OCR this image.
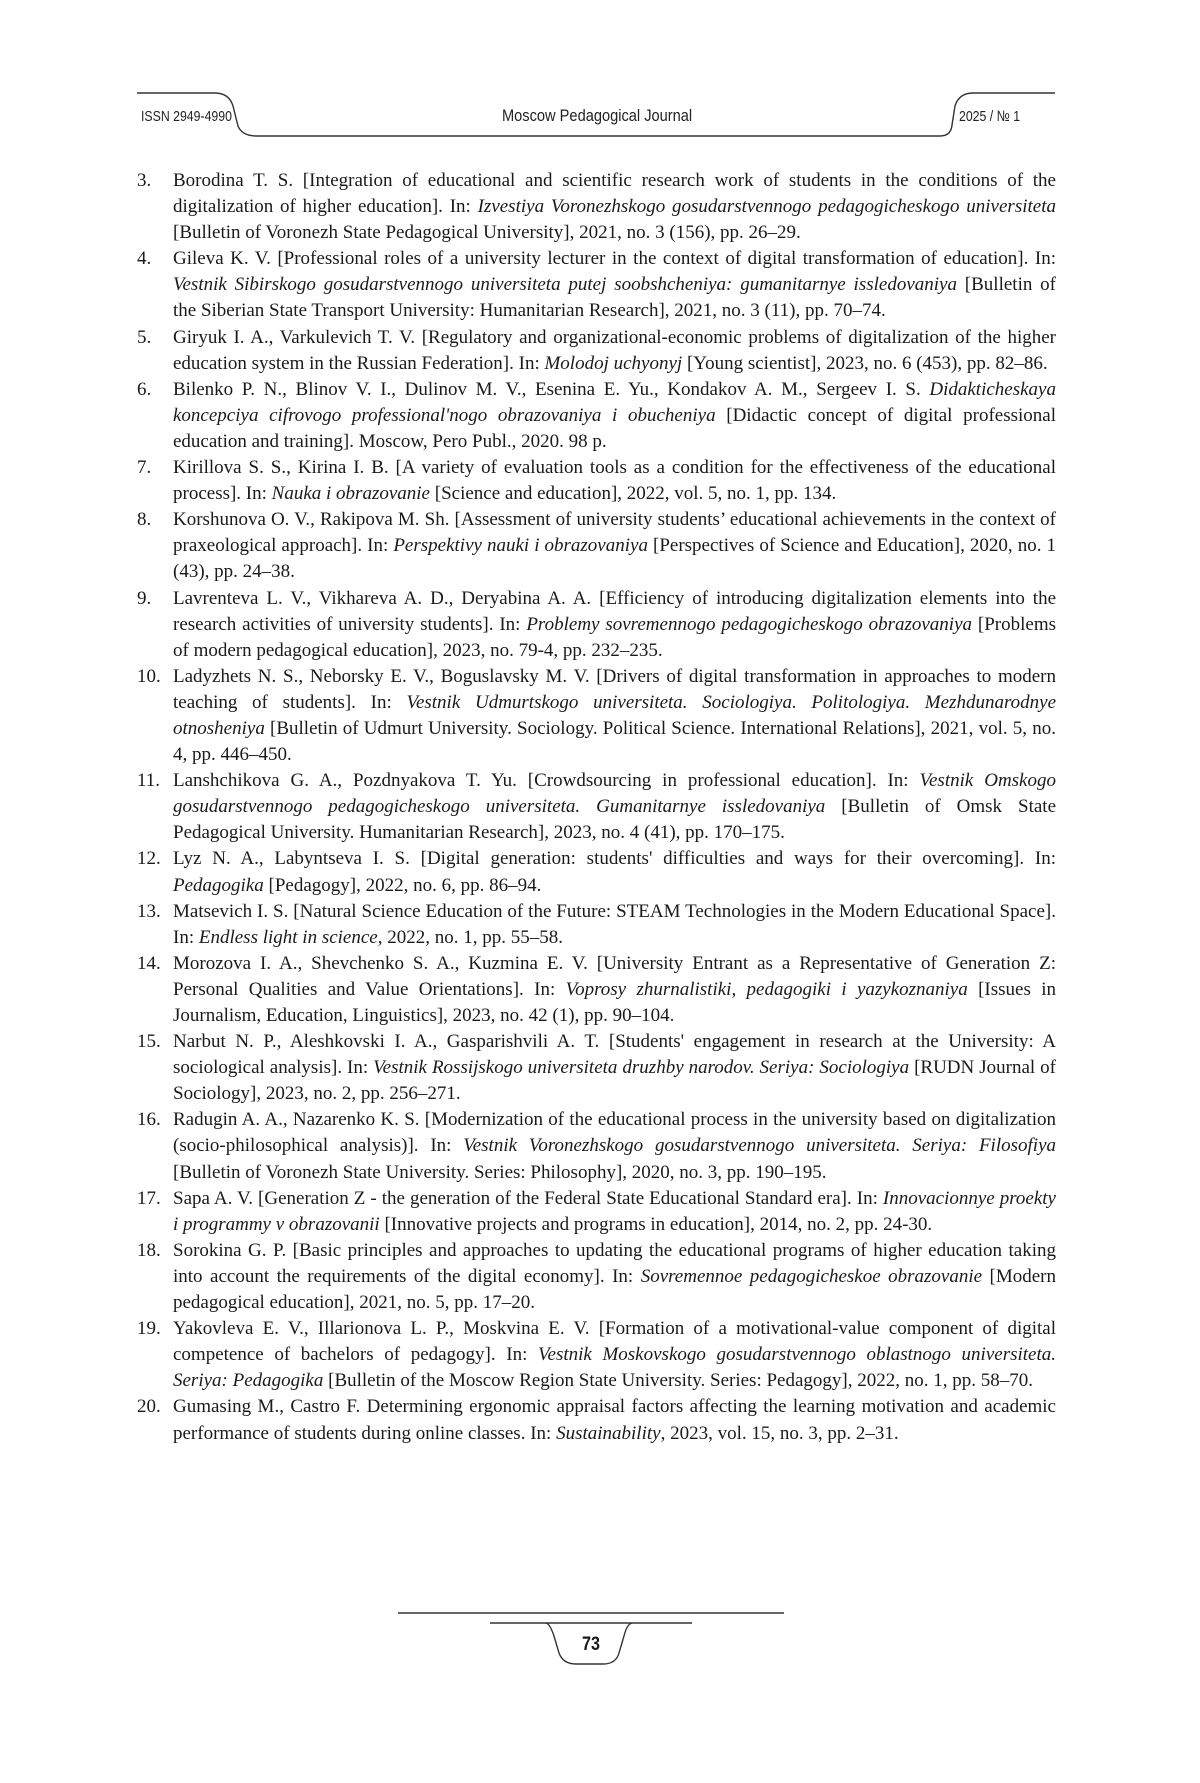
ISSN 2949-4990	Moscow Pedagogical Journal	2025 / № 1
3. Borodina T. S. [Integration of educational and scientific research work of students in the conditions of the digitalization of higher education]. In: Izvestiya Voronezhskogo gosudarstvennogo pedagogicheskogo universiteta [Bulletin of Voronezh State Pedagogical University], 2021, no. 3 (156), pp. 26–29.
4. Gileva K. V. [Professional roles of a university lecturer in the context of digital transformation of education]. In: Vestnik Sibirskogo gosudarstvennogo universiteta putej soobshcheniya: gumanitarnye issledovaniya [Bulletin of the Siberian State Transport University: Humanitarian Research], 2021, no. 3 (11), pp. 70–74.
5. Giryuk I. A., Varkulevich T. V. [Regulatory and organizational-economic problems of digitalization of the higher education system in the Russian Federation]. In: Molodoj uchyonyj [Young scientist], 2023, no. 6 (453), pp. 82–86.
6. Bilenko P. N., Blinov V. I., Dulinov M. V., Esenina E. Yu., Kondakov A. M., Sergeev I. S. Didakticheskaya koncepciya cifrovogo professional'nogo obrazovaniya i obucheniya [Didactic concept of digital professional education and training]. Moscow, Pero Publ., 2020. 98 p.
7. Kirillova S. S., Kirina I. B. [A variety of evaluation tools as a condition for the effectiveness of the educational process]. In: Nauka i obrazovanie [Science and education], 2022, vol. 5, no. 1, pp. 134.
8. Korshunova O. V., Rakipova M. Sh. [Assessment of university students’ educational achievements in the context of praxeological approach]. In: Perspektivy nauki i obrazovaniya [Perspectives of Science and Education], 2020, no. 1 (43), pp. 24–38.
9. Lavrenteva L. V., Vikhareva A. D., Deryabina A. A. [Efficiency of introducing digitalization elements into the research activities of university students]. In: Problemy sovremennogo pedagogicheskogo obrazovaniya [Problems of modern pedagogical education], 2023, no. 79-4, pp. 232–235.
10. Ladyzhets N. S., Neborsky E. V., Boguslavsky M. V. [Drivers of digital transformation in approaches to modern teaching of students]. In: Vestnik Udmurtskogo universiteta. Sociologiya. Politologiya. Mezhdunarodnye otnosheniya [Bulletin of Udmurt University. Sociology. Political Science. International Relations], 2021, vol. 5, no. 4, pp. 446–450.
11. Lanshchikova G. A., Pozdnyakova T. Yu. [Crowdsourcing in professional education]. In: Vestnik Omskogo gosudarstvennogo pedagogicheskogo universiteta. Gumanitarnye issledovaniya [Bulletin of Omsk State Pedagogical University. Humanitarian Research], 2023, no. 4 (41), pp. 170–175.
12. Lyz N. A., Labyntseva I. S. [Digital generation: students' difficulties and ways for their overcoming]. In: Pedagogika [Pedagogy], 2022, no. 6, pp. 86–94.
13. Matsevich I. S. [Natural Science Education of the Future: STEAM Technologies in the Modern Educational Space]. In: Endless light in science, 2022, no. 1, pp. 55–58.
14. Morozova I. A., Shevchenko S. A., Kuzmina E. V. [University Entrant as a Representative of Generation Z: Personal Qualities and Value Orientations]. In: Voprosy zhurnalistiki, pedagogiki i yazykoznaniya [Issues in Journalism, Education, Linguistics], 2023, no. 42 (1), pp. 90–104.
15. Narbut N. P., Aleshkovski I. A., Gasparishvili A. T. [Students' engagement in research at the University: A sociological analysis]. In: Vestnik Rossijskogo universiteta druzhby narodov. Seriya: Sociologiya [RUDN Journal of Sociology], 2023, no. 2, pp. 256–271.
16. Radugin A. A., Nazarenko K. S. [Modernization of the educational process in the university based on digitalization (socio-philosophical analysis)]. In: Vestnik Voronezhskogo gosudarstvennogo universiteta. Seriya: Filosofiya [Bulletin of Voronezh State University. Series: Philosophy], 2020, no. 3, pp. 190–195.
17. Sapa A. V. [Generation Z - the generation of the Federal State Educational Standard era]. In: Innovacionnye proekty i programmy v obrazovanii [Innovative projects and programs in education], 2014, no. 2, pp. 24-30.
18. Sorokina G. P. [Basic principles and approaches to updating the educational programs of higher education taking into account the requirements of the digital economy]. In: Sovremennoe pedagogicheskoe obrazovanie [Modern pedagogical education], 2021, no. 5, pp. 17–20.
19. Yakovleva E. V., Illarionova L. P., Moskvina E. V. [Formation of a motivational-value component of digital competence of bachelors of pedagogy]. In: Vestnik Moskovskogo gosudarstvennogo oblastnogo universiteta. Seriya: Pedagogika [Bulletin of the Moscow Region State University. Series: Pedagogy], 2022, no. 1, pp. 58–70.
20. Gumasing M., Castro F. Determining ergonomic appraisal factors affecting the learning motivation and academic performance of students during online classes. In: Sustainability, 2023, vol. 15, no. 3, pp. 2–31.
73
